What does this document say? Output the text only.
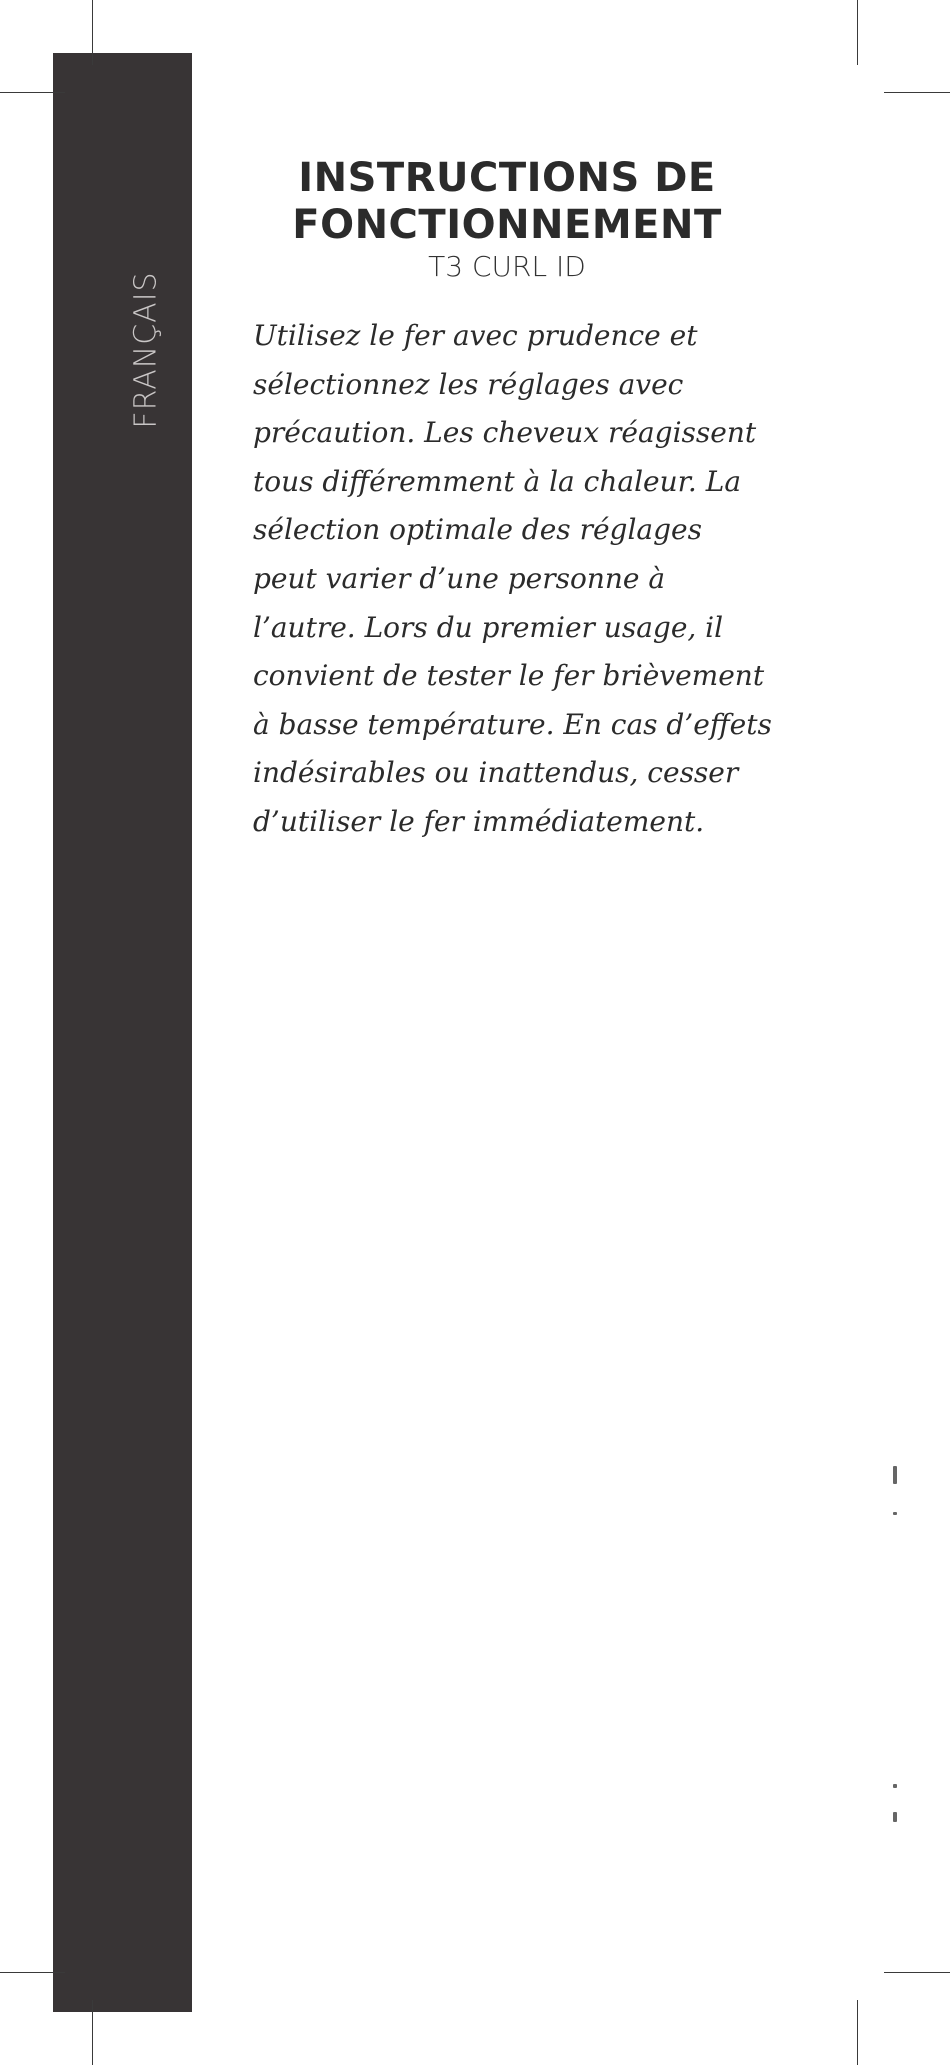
FRANÇAIS
INSTRUCTIONS DE
FONCTIONNEMENT
T3 CURL ID

Utilisez le fer avec prudence et
sélectionnez les réglages avec
précaution. Les cheveux réagissent
tous différemment à la chaleur. La
sélection optimale des réglages
peut varier d’une personne à
l’autre. Lors du premier usage, il
convient de tester le fer brièvement
à basse température. En cas d’effets
indésirables ou inattendus, cesser
d’utiliser le fer immédiatement.
